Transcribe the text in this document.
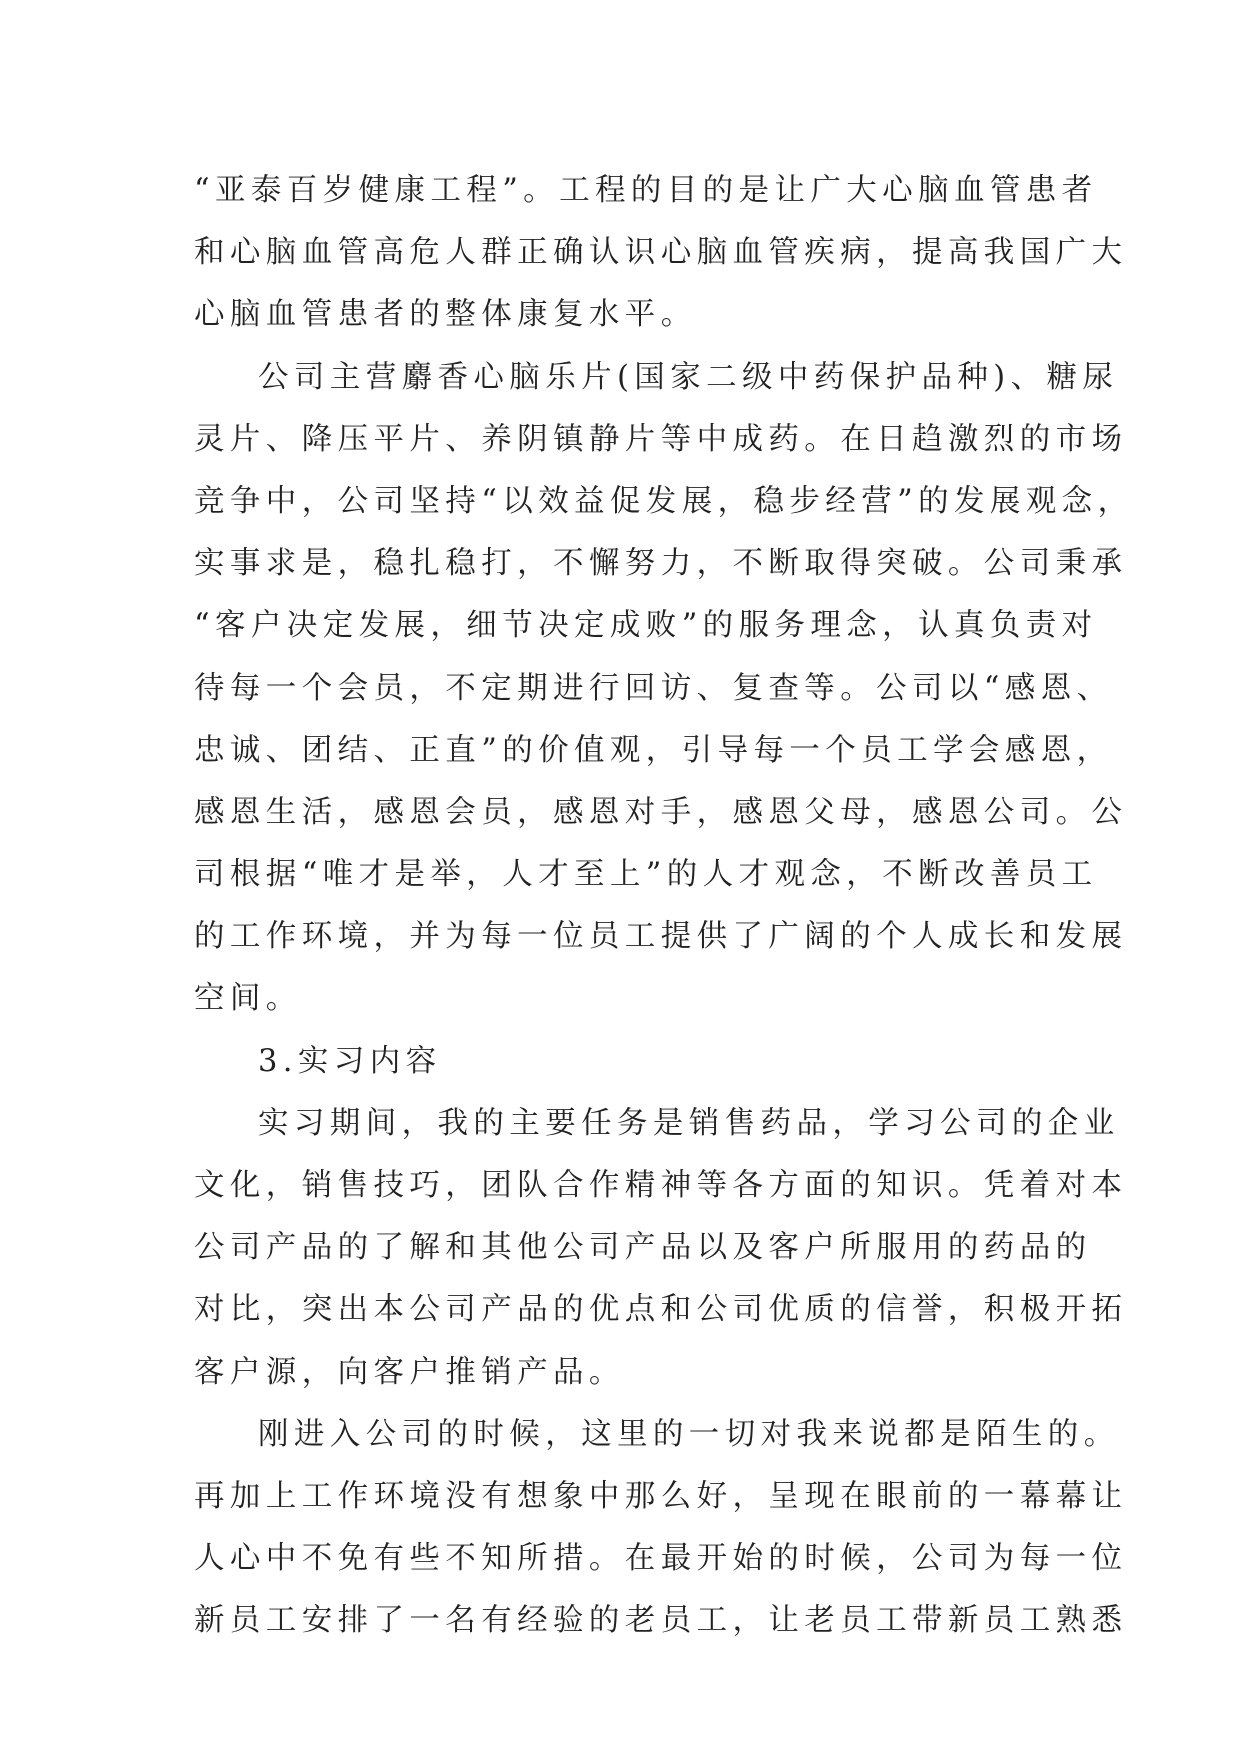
“亚泰百岁健康工程”。工程的目的是让广大心脑血管患者
和心脑血管高危人群正确认识心脑血管疾病，提高我国广大
心脑血管患者的整体康复水平。
公司主营麝香心脑乐片(国家二级中药保护品种)、糖尿
灵片、降压平片、养阴镇静片等中成药。在日趋激烈的市场
竞争中，公司坚持“以效益促发展，稳步经营”的发展观念，
实事求是，稳扎稳打，不懈努力，不断取得突破。公司秉承
“客户决定发展，细节决定成败”的服务理念，认真负责对
待每一个会员，不定期进行回访、复查等。公司以“感恩、
忠诚、团结、正直”的价值观，引导每一个员工学会感恩，
感恩生活，感恩会员，感恩对手，感恩父母，感恩公司。公
司根据“唯才是举，人才至上”的人才观念，不断改善员工
的工作环境，并为每一位员工提供了广阔的个人成长和发展
空间。
3.实习内容
实习期间，我的主要任务是销售药品，学习公司的企业
文化，销售技巧，团队合作精神等各方面的知识。凭着对本
公司产品的了解和其他公司产品以及客户所服用的药品的
对比，突出本公司产品的优点和公司优质的信誉，积极开拓
客户源，向客户推销产品。
刚进入公司的时候，这里的一切对我来说都是陌生的。
再加上工作环境没有想象中那么好，呈现在眼前的一幕幕让
人心中不免有些不知所措。在最开始的时候，公司为每一位
新员工安排了一名有经验的老员工，让老员工带新员工熟悉
